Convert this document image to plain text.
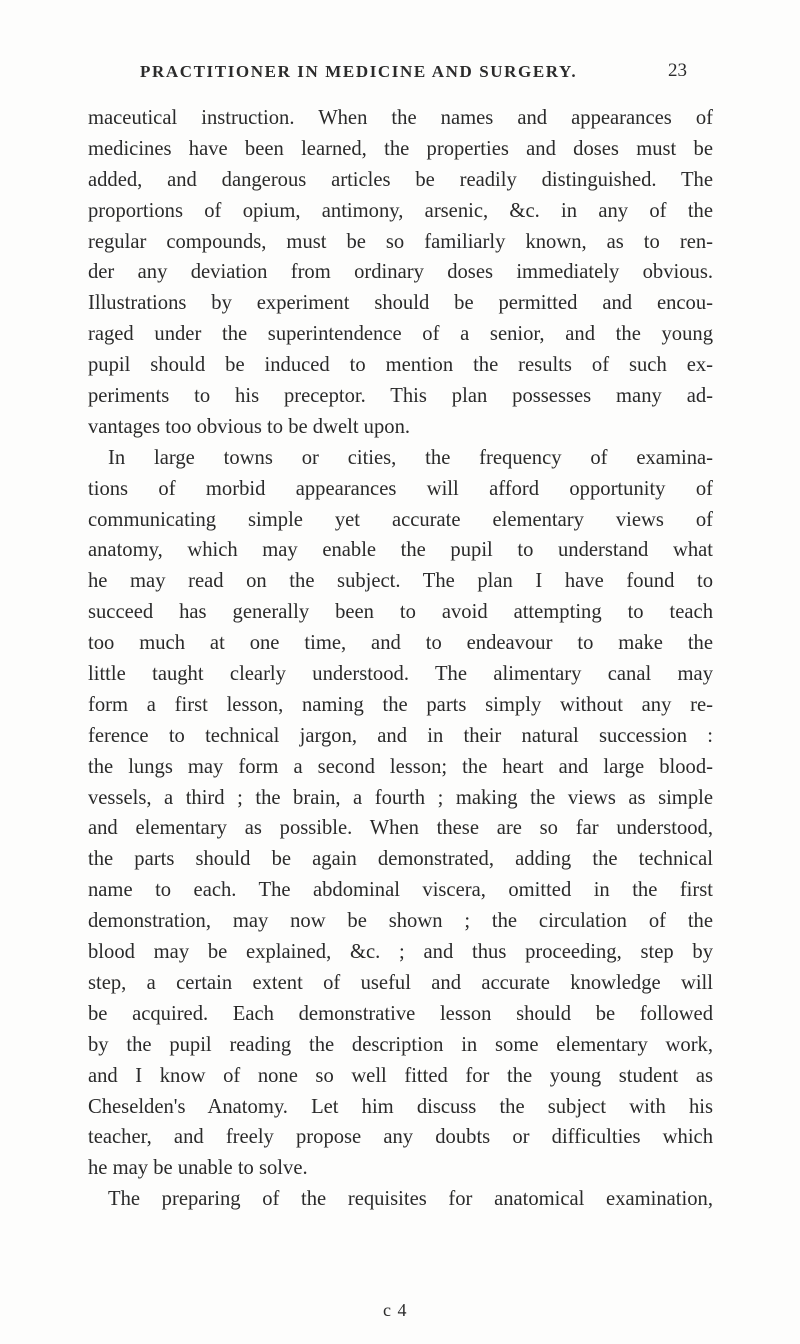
PRACTITIONER IN MEDICINE AND SURGERY.	23
maceutical instruction. When the names and appearances of
medicines have been learned, the properties and doses must be
added, and dangerous articles be readily distinguished. The
proportions of opium, antimony, arsenic, &c. in any of the
regular compounds, must be so familiarly known, as to ren-
der any deviation from ordinary doses immediately obvious.
Illustrations by experiment should be permitted and encou-
raged under the superintendence of a senior, and the young
pupil should be induced to mention the results of such ex-
periments to his preceptor. This plan possesses many ad-
vantages too obvious to be dwelt upon.
In large towns or cities, the frequency of examina-
tions of morbid appearances will afford opportunity of
communicating simple yet accurate elementary views of
anatomy, which may enable the pupil to understand what
he may read on the subject. The plan I have found to
succeed has generally been to avoid attempting to teach
too much at one time, and to endeavour to make the
little taught clearly understood. The alimentary canal may
form a first lesson, naming the parts simply without any re-
ference to technical jargon, and in their natural succession :
the lungs may form a second lesson; the heart and large blood-
vessels, a third ; the brain, a fourth ; making the views as simple
and elementary as possible. When these are so far understood,
the parts should be again demonstrated, adding the technical
name to each. The abdominal viscera, omitted in the first
demonstration, may now be shown ; the circulation of the
blood may be explained, &c. ; and thus proceeding, step by
step, a certain extent of useful and accurate knowledge will
be acquired. Each demonstrative lesson should be followed
by the pupil reading the description in some elementary work,
and I know of none so well fitted for the young student as
Cheselden's Anatomy. Let him discuss the subject with his
teacher, and freely propose any doubts or difficulties which
he may be unable to solve.
The preparing of the requisites for anatomical examination,
c 4
